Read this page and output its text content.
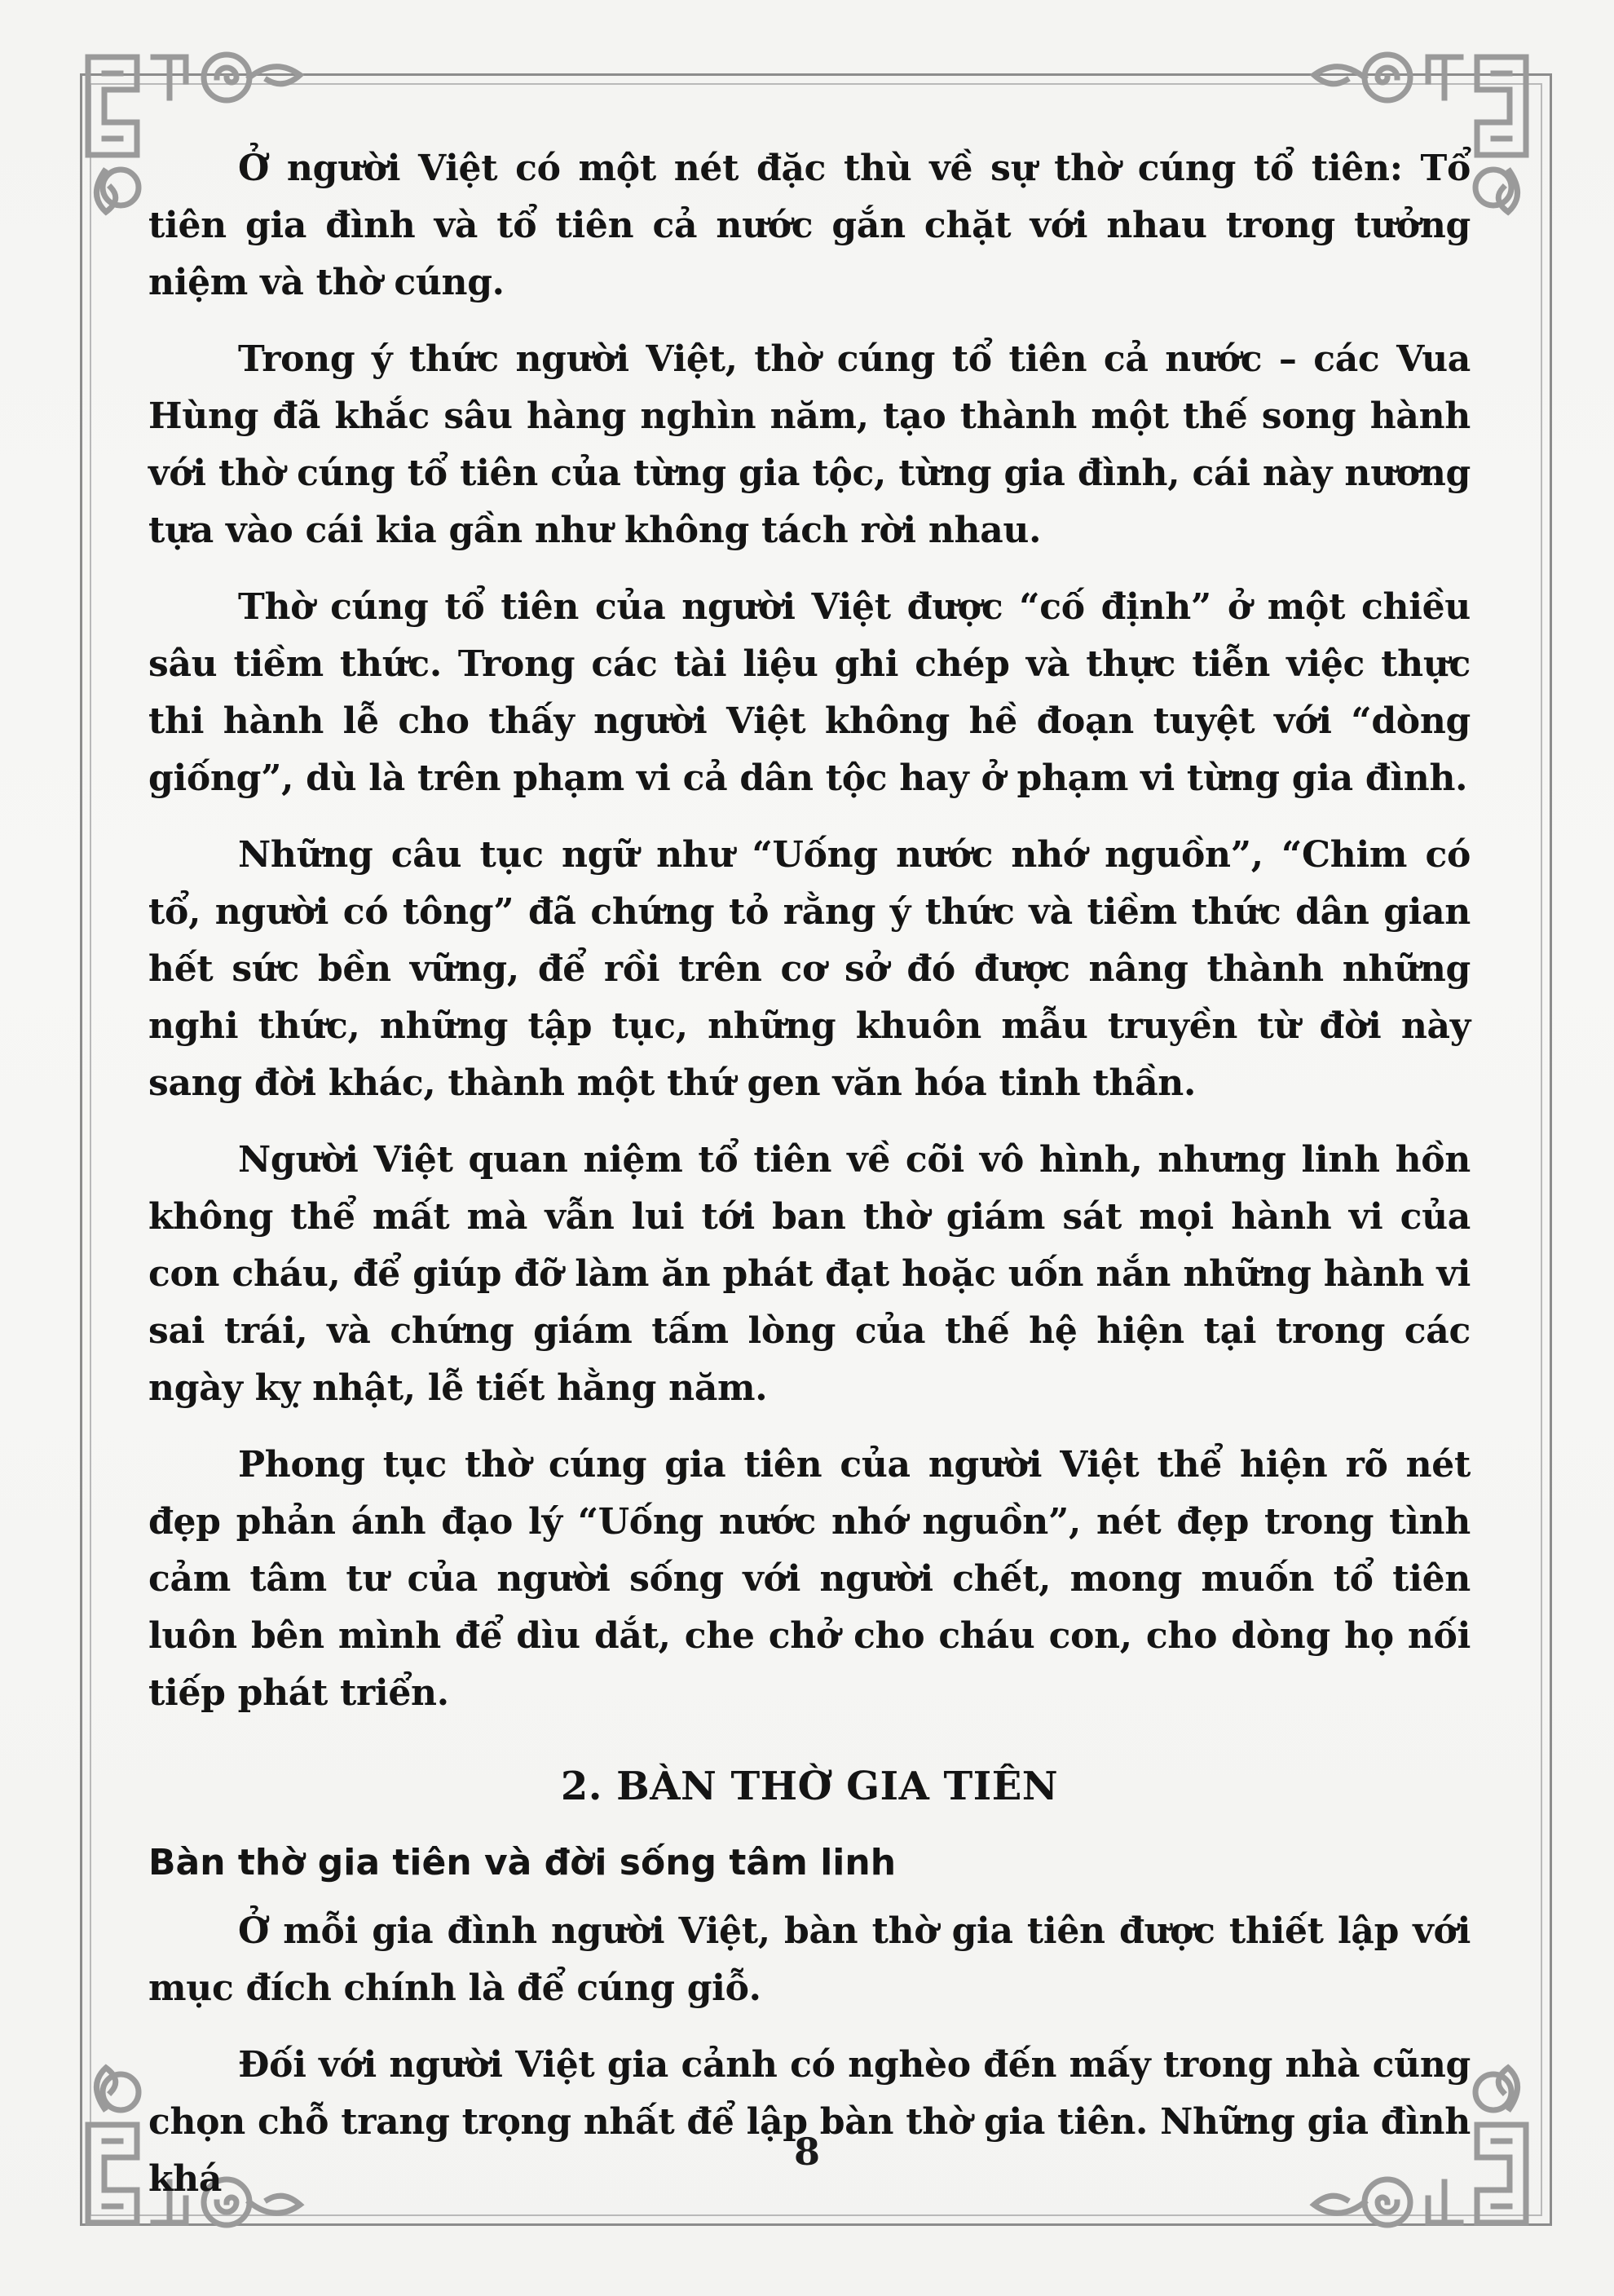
Ở người Việt có một nét đặc thù về sự thờ cúng tổ tiên: Tổ tiên gia đình và tổ tiên cả nước gắn chặt với nhau trong tưởng niệm và thờ cúng.

Trong ý thức người Việt, thờ cúng tổ tiên cả nước – các Vua Hùng đã khắc sâu hàng nghìn năm, tạo thành một thế song hành với thờ cúng tổ tiên của từng gia tộc, từng gia đình, cái này nương tựa vào cái kia gần như không tách rời nhau.

Thờ cúng tổ tiên của người Việt được “cố định” ở một chiều sâu tiềm thức. Trong các tài liệu ghi chép và thực tiễn việc thực thi hành lễ cho thấy người Việt không hề đoạn tuyệt với “dòng giống”, dù là trên phạm vi cả dân tộc hay ở phạm vi từng gia đình.

Những câu tục ngữ như “Uống nước nhớ nguồn”, “Chim có tổ, người có tông” đã chứng tỏ rằng ý thức và tiềm thức dân gian hết sức bền vững, để rồi trên cơ sở đó được nâng thành những nghi thức, những tập tục, những khuôn mẫu truyền từ đời này sang đời khác, thành một thứ gen văn hóa tinh thần.

Người Việt quan niệm tổ tiên về cõi vô hình, nhưng linh hồn không thể mất mà vẫn lui tới ban thờ giám sát mọi hành vi của con cháu, để giúp đỡ làm ăn phát đạt hoặc uốn nắn những hành vi sai trái, và chứng giám tấm lòng của thế hệ hiện tại trong các ngày kỵ nhật, lễ tiết hằng năm.

Phong tục thờ cúng gia tiên của người Việt thể hiện rõ nét đẹp phản ánh đạo lý “Uống nước nhớ nguồn”, nét đẹp trong tình cảm tâm tư của người sống với người chết, mong muốn tổ tiên luôn bên mình để dìu dắt, che chở cho cháu con, cho dòng họ nối tiếp phát triển.

2. BÀN THỜ GIA TIÊN
Bàn thờ gia tiên và đời sống tâm linh

Ở mỗi gia đình người Việt, bàn thờ gia tiên được thiết lập với mục đích chính là để cúng giỗ.

Đối với người Việt gia cảnh có nghèo đến mấy trong nhà cũng chọn chỗ trang trọng nhất để lập bàn thờ gia tiên. Những gia đình khá

8
